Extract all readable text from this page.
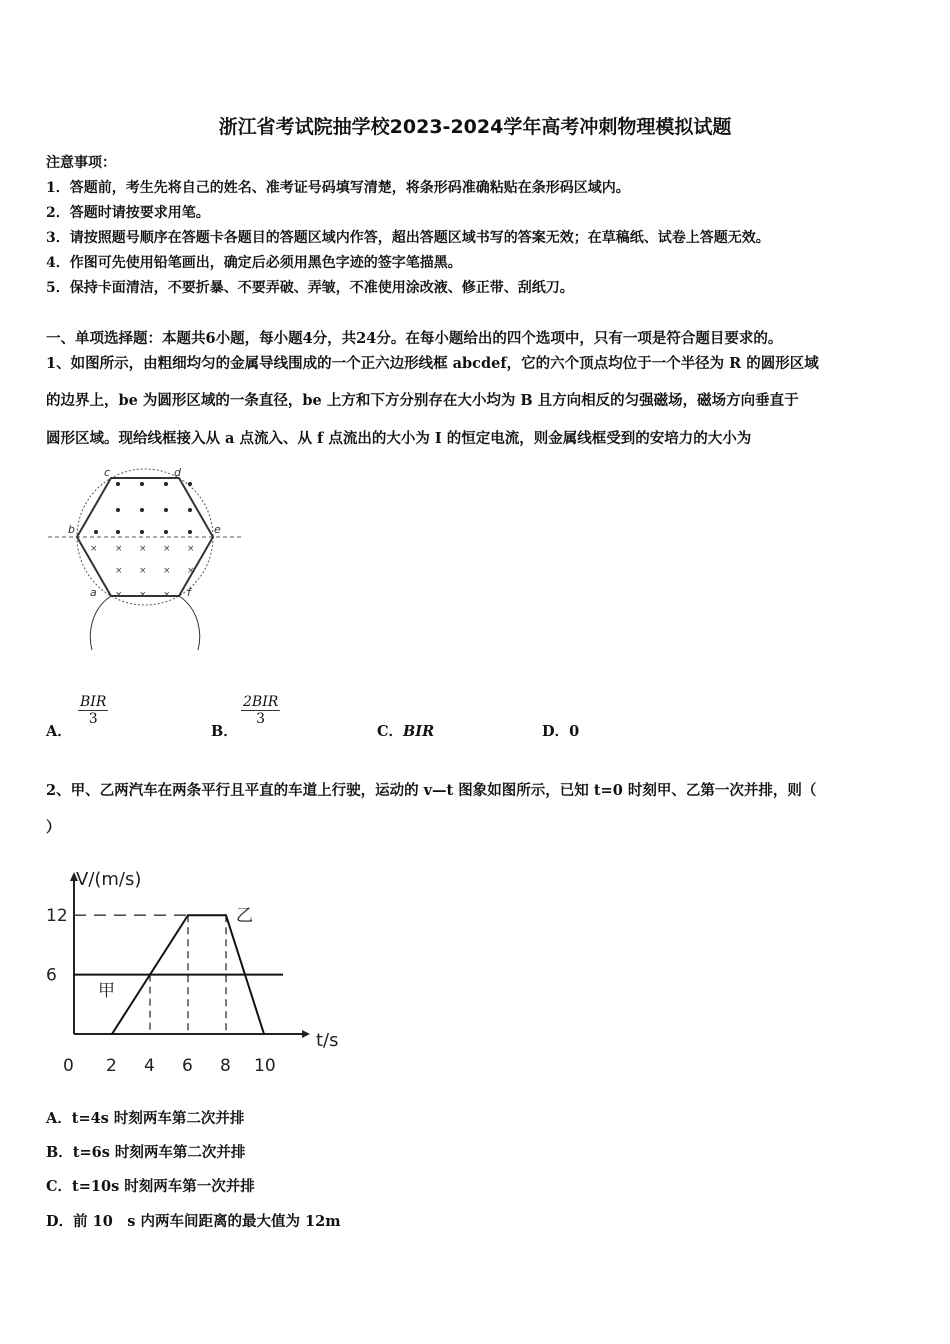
浙江省考试院抽学校2023-2024学年高考冲刺物理模拟试题
注意事项：
1．答题前，考生先将自己的姓名、准考证号码填写清楚，将条形码准确粘贴在条形码区域内。
2．答题时请按要求用笔。
3．请按照题号顺序在答题卡各题目的答题区域内作答，超出答题区域书写的答案无效；在草稿纸、试卷上答题无效。
4．作图可先使用铅笔画出，确定后必须用黑色字迹的签字笔描黑。
5．保持卡面清洁，不要折暴、不要弄破、弄皱，不准使用涂改液、修正带、刮纸刀。
一、单项选择题：本题共6小题，每小题4分，共24分。在每小题给出的四个选项中，只有一项是符合题目要求的。
1、如图所示，由粗细均匀的金属导线围成的一个正六边形线框 abcdef，它的六个顶点均位于一个半径为 R 的圆形区域
的边界上，be 为圆形区域的一条直径，be 上方和下方分别存在大小均为 B 且方向相反的匀强磁场，磁场方向垂直于
圆形区域。现给线框接入从 a 点流入、从 f 点流出的大小为 I 的恒定电流，则金属线框受到的安培力的大小为
× × × × ×
× × × ×
× × ×
c	d
b	e
a	f
A．
BIR
3
B．
2BIR
3
C．BIR	D．0
2、甲、乙两汽车在两条平行且平直的车道上行驶，运动的 v—t 图象如图所示，已知 t=0 时刻甲、乙第一次并排，则（
）
V/(m/s)
t/s
12
6
0 2 4 6 8 10
甲
乙
A．t=4s 时刻两车第二次并排
B．t=6s 时刻两车第二次并排
C．t=10s 时刻两车第一次并排
D．前 10　s 内两车间距离的最大值为 12m
